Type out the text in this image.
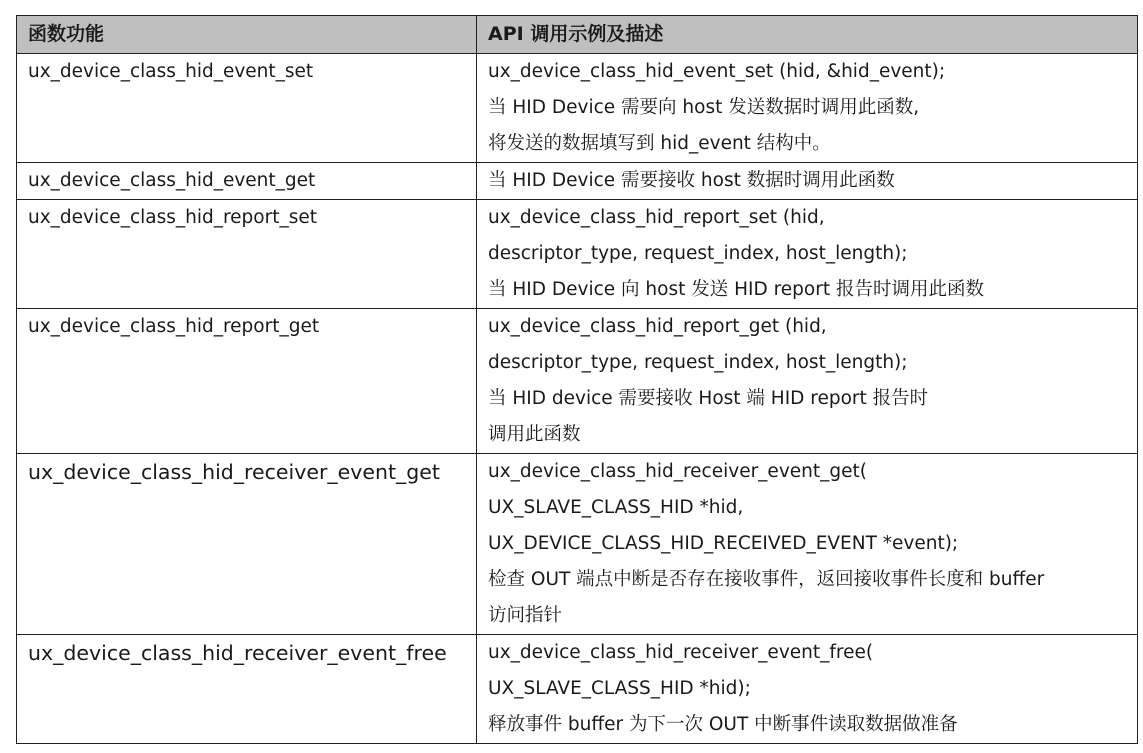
函数功能	API 调用示例及描述
ux_device_class_hid_event_set	ux_device_class_hid_event_set (hid, &hid_event);
当 HID Device 需要向 host 发送数据时调用此函数,
将发送的数据填写到 hid_event 结构中。

ux_device_class_hid_event_get	当 HID Device 需要接收 host 数据时调用此函数

ux_device_class_hid_report_set	ux_device_class_hid_report_set (hid,
descriptor_type, request_index, host_length);
当 HID Device 向 host 发送 HID report 报告时调用此函数

ux_device_class_hid_report_get	ux_device_class_hid_report_get (hid,
descriptor_type, request_index, host_length);
当 HID device 需要接收 Host 端 HID report 报告时
调用此函数

ux_device_class_hid_receiver_event_get	ux_device_class_hid_receiver_event_get(
UX_SLAVE_CLASS_HID *hid,
UX_DEVICE_CLASS_HID_RECEIVED_EVENT *event);
检查 OUT 端点中断是否存在接收事件，返回接收事件长度和 buffer
访问指针

ux_device_class_hid_receiver_event_free	ux_device_class_hid_receiver_event_free(
UX_SLAVE_CLASS_HID *hid);
释放事件 buffer 为下一次 OUT 中断事件读取数据做准备
